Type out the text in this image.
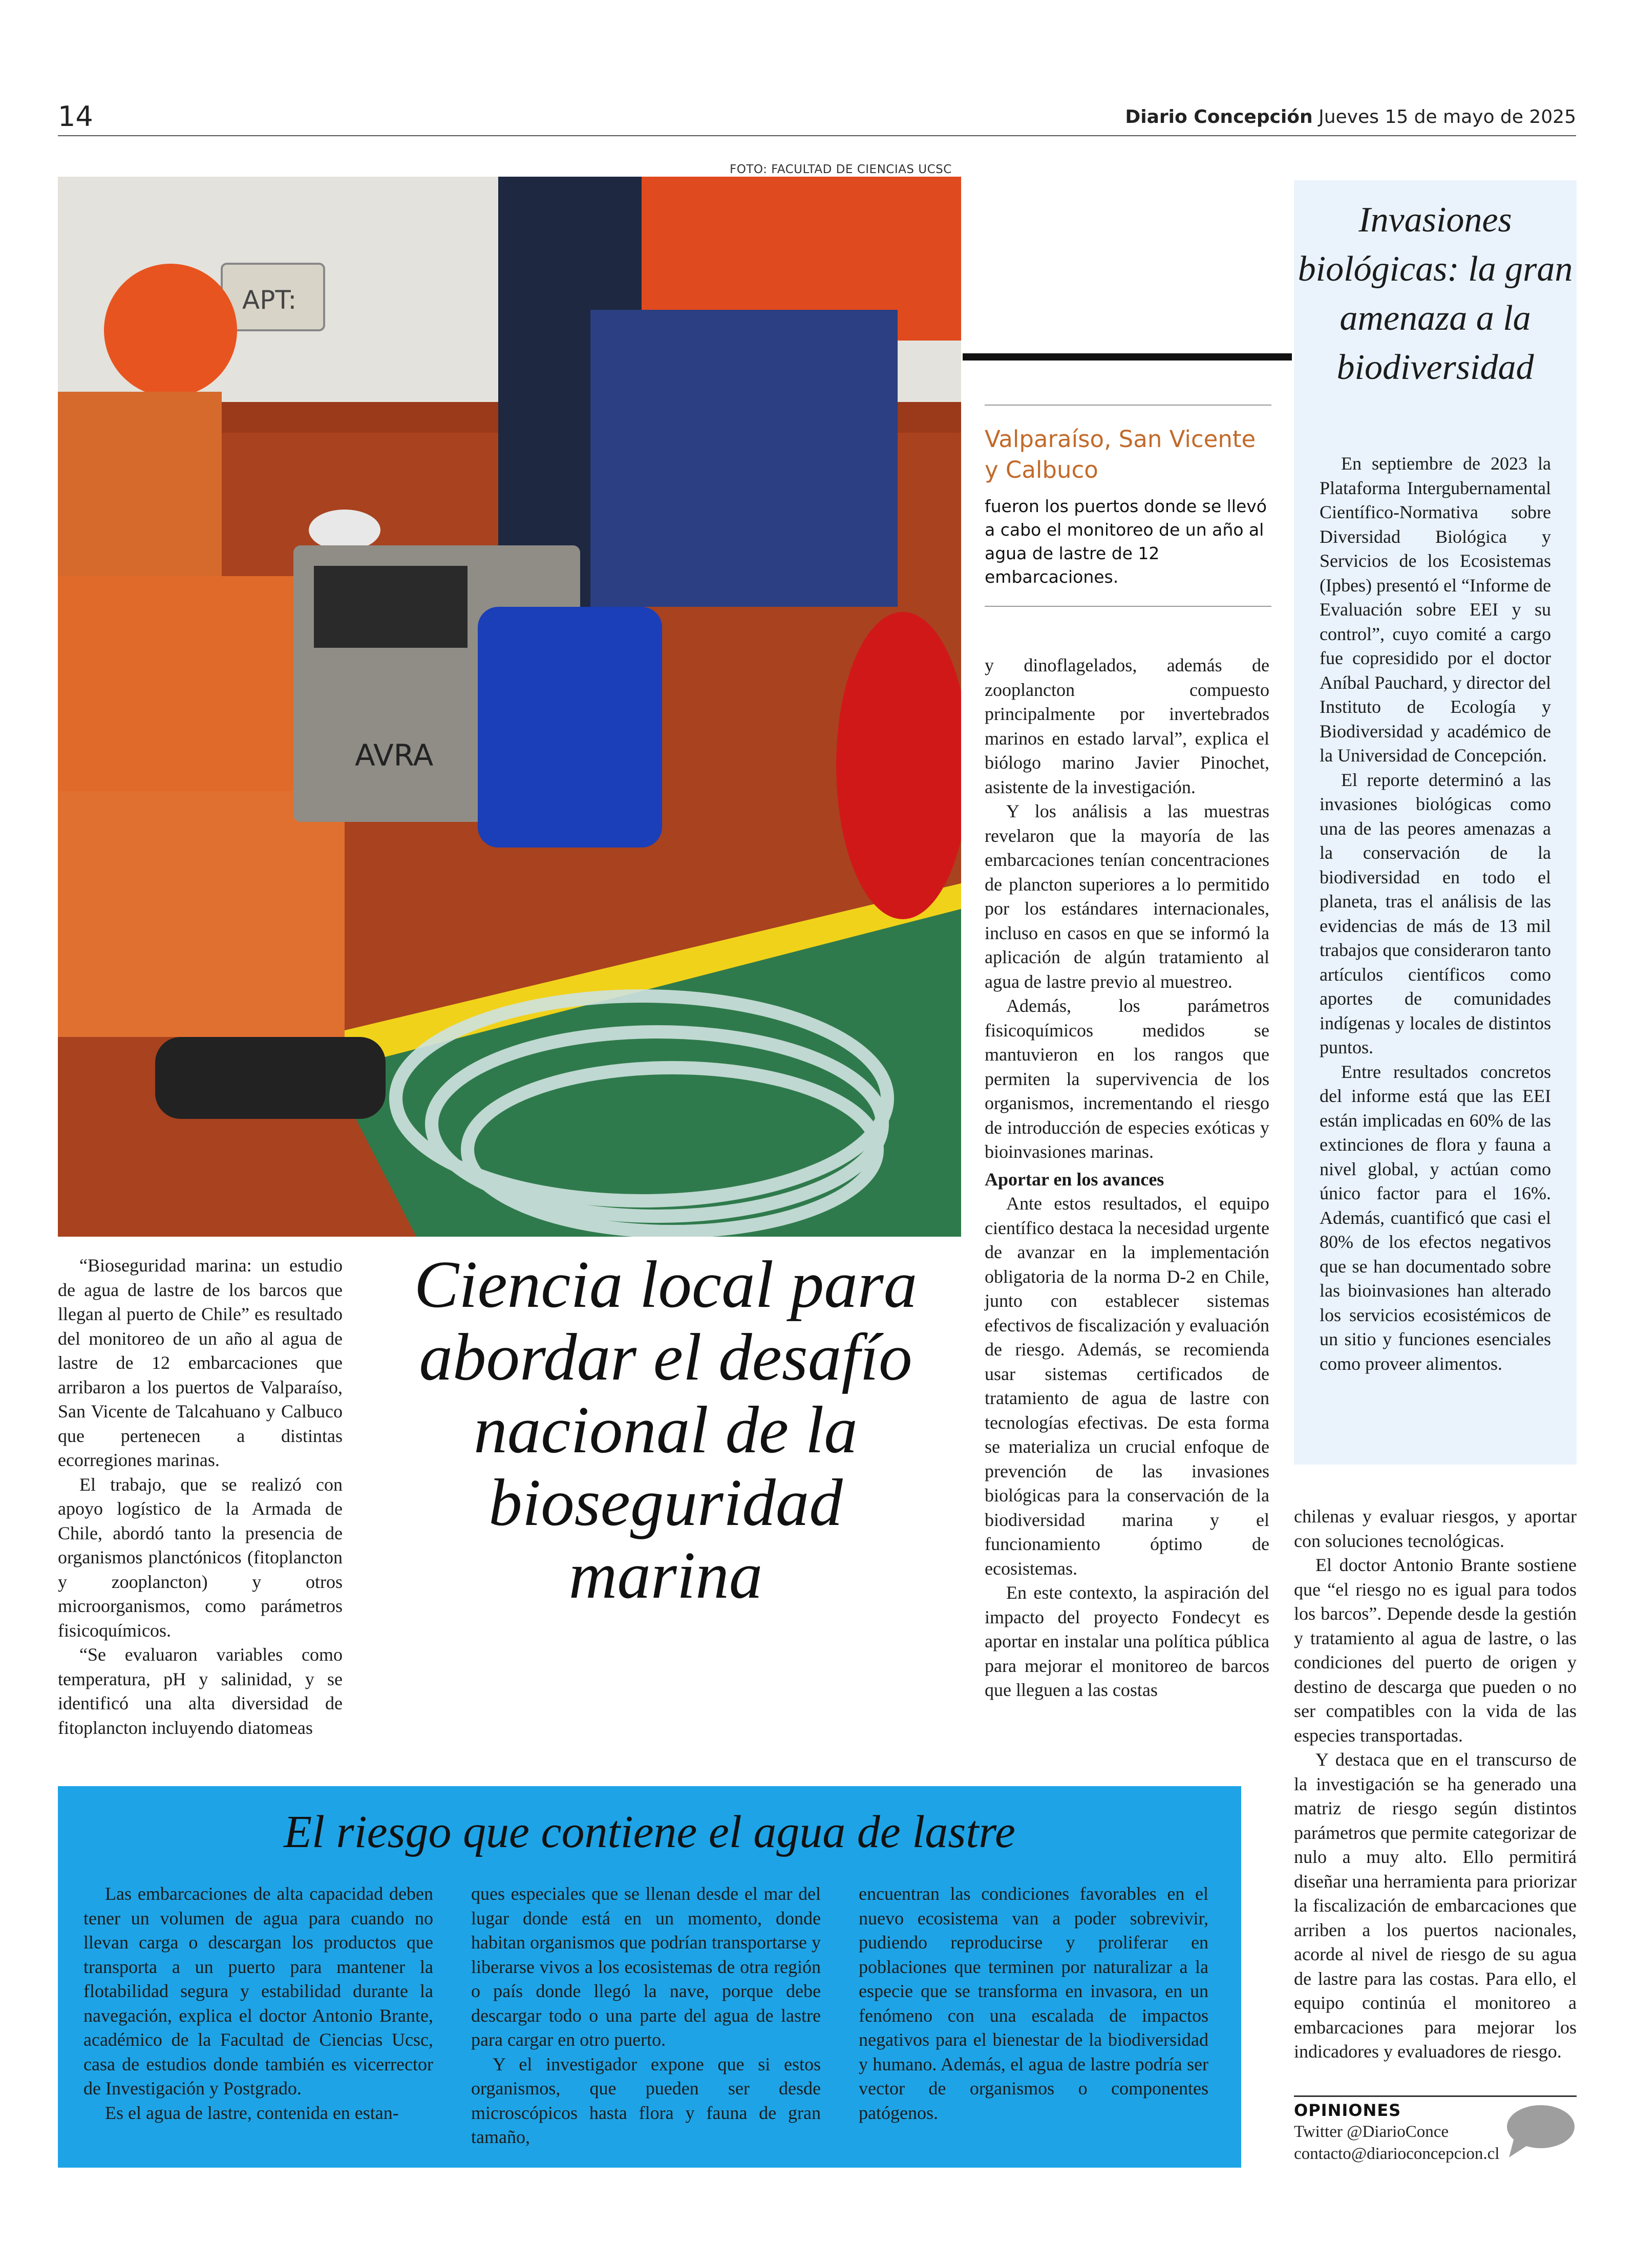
14	Diario Concepción Jueves 15 de mayo de 2025
FOTO: FACULTAD DE CIENCIAS UCSC
APT:
AVRA
Valparaíso, San Vicente y Calbuco
fueron los puertos donde se llevó a cabo el monitoreo de un año al agua de lastre de 12 embarcaciones.
Invasiones biológicas: la gran amenaza a la biodiversidad

En septiembre de 2023 la Plataforma Intergubernamental Científico-Normativa sobre Diversidad Biológica y Servicios de los Ecosistemas (Ipbes) presentó el “Informe de Evaluación sobre EEI y su control”, cuyo comité a cargo fue copresidido por el doctor Aníbal Pauchard, y director del Instituto de Ecología y Biodiversidad y académico de la Universidad de Concepción.

El reporte determinó a las invasiones biológicas como una de las peores amenazas a la conservación de la biodiversidad en todo el planeta, tras el análisis de las evidencias de más de 13 mil trabajos que consideraron tanto artículos científicos como aportes de comunidades indígenas y locales de distintos puntos.

Entre resultados concretos del informe está que las EEI están implicadas en 60% de las extinciones de flora y fauna a nivel global, y actúan como único factor para el 16%. Además, cuantificó que casi el 80% de los efectos negativos que se han documentado sobre las bioinvasiones han alterado los servicios ecosistémicos de un sitio y funciones esenciales como proveer alimentos.

Ciencia local para abordar el desafío nacional de la bioseguridad marina

“Bioseguridad marina: un estudio de agua de lastre de los barcos que llegan al puerto de Chile” es resultado del monitoreo de un año al agua de lastre de 12 embarcaciones que arribaron a los puertos de Valparaíso, San Vicente de Talcahuano y Calbuco que pertenecen a distintas ecorregiones marinas.

El trabajo, que se realizó con apoyo logístico de la Armada de Chile, abordó tanto la presencia de organismos planctónicos (fitoplancton y zooplancton) y otros microorganismos, como parámetros fisicoquímicos.

“Se evaluaron variables como temperatura, pH y salinidad, y se identificó una alta diversidad de fitoplancton incluyendo diatomeas

y dinoflagelados, además de zooplancton compuesto principalmente por invertebrados marinos en estado larval”, explica el biólogo marino Javier Pinochet, asistente de la investigación.

Y los análisis a las muestras revelaron que la mayoría de las embarcaciones tenían concentraciones de plancton superiores a lo permitido por los estándares internacionales, incluso en casos en que se informó la aplicación de algún tratamiento al agua de lastre previo al muestreo.

Además, los parámetros fisicoquímicos medidos se mantuvieron en los rangos que permiten la supervivencia de los organismos, incrementando el riesgo de introducción de especies exóticas y bioinvasiones marinas.

Aportar en los avances

Ante estos resultados, el equipo científico destaca la necesidad urgente de avanzar en la implementación obligatoria de la norma D-2 en Chile, junto con establecer sistemas efectivos de fiscalización y evaluación de riesgo. Además, se recomienda usar sistemas certificados de tratamiento de agua de lastre con tecnologías efectivas. De esta forma se materializa un crucial enfoque de prevención de las invasiones biológicas para la conservación de la biodiversidad marina y el funcionamiento óptimo de ecosistemas.

En este contexto, la aspiración del impacto del proyecto Fondecyt es aportar en instalar una política pública para mejorar el monitoreo de barcos que lleguen a las costas

chilenas y evaluar riesgos, y aportar con soluciones tecnológicas.

El doctor Antonio Brante sostiene que “el riesgo no es igual para todos los barcos”. Depende desde la gestión y tratamiento al agua de lastre, o las condiciones del puerto de origen y destino de descarga que pueden o no ser compatibles con la vida de las especies transportadas.

Y destaca que en el transcurso de la investigación se ha generado una matriz de riesgo según distintos parámetros que permite categorizar de nulo a muy alto. Ello permitirá diseñar una herramienta para priorizar la fiscalización de embarcaciones que arriben a los puertos nacionales, acorde al nivel de riesgo de su agua de lastre para las costas. Para ello, el equipo continúa el monitoreo a embarcaciones para mejorar los indicadores y evaluadores de riesgo.

El riesgo que contiene el agua de lastre

Las embarcaciones de alta capacidad deben tener un volumen de agua para cuando no llevan carga o descargan los productos que transporta a un puerto para mantener la flotabilidad segura y estabilidad durante la navegación, explica el doctor Antonio Brante, académico de la Facultad de Ciencias Ucsc, casa de estudios donde también es vicerrector de Investigación y Postgrado.

Es el agua de lastre, contenida en estan-

ques especiales que se llenan desde el mar del lugar donde está en un momento, donde habitan organismos que podrían transportarse y liberarse vivos a los ecosistemas de otra región o país donde llegó la nave, porque debe descargar todo o una parte del agua de lastre para cargar en otro puerto.

Y el investigador expone que si estos organismos, que pueden ser desde microscópicos hasta flora y fauna de gran tamaño,

encuentran las condiciones favorables en el nuevo ecosistema van a poder sobrevivir, pudiendo reproducirse y proliferar en poblaciones que terminen por naturalizar a la especie que se transforma en invasora, en un fenómeno con una escalada de impactos negativos para el bienestar de la biodiversidad y humano. Además, el agua de lastre podría ser vector de organismos o componentes patógenos.	OPINIONES
Twitter @DiarioConce
contacto@diarioconcepcion.cl
